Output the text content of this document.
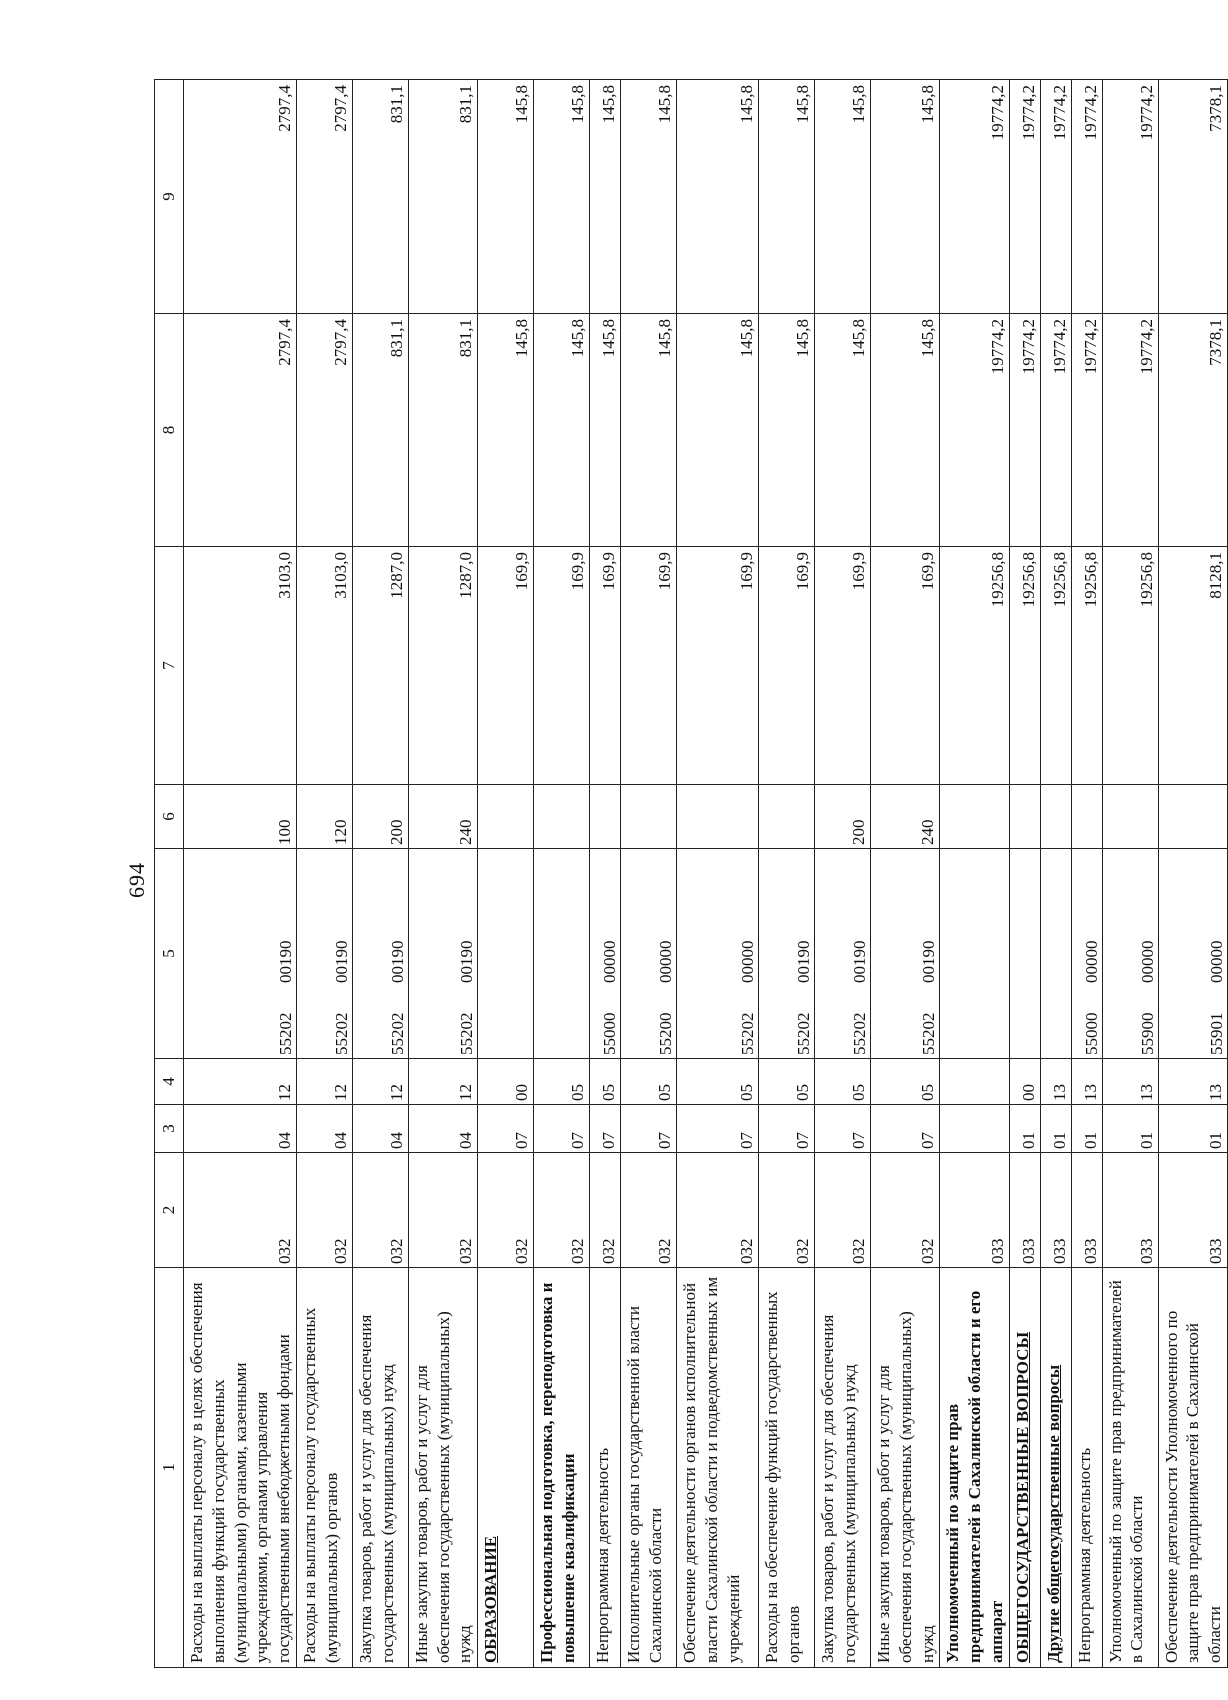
694
1	2	3	4	5	6	7	8	9
Расходы на выплаты персоналу в целях обеспечения выполнения функций государственных (муниципальными) органами, казенными учреждениями, органами управления государственными внебюджетными фондами	032	04	12	5520200190	100	3103,0	2797,4	2797,4
Расходы на выплаты персоналу государственных (муниципальных) органов	032	04	12	5520200190	120	3103,0	2797,4	2797,4
Закупка товаров, работ и услуг для обеспечения государственных (муниципальных) нужд	032	04	12	5520200190	200	1287,0	831,1	831,1
Иные закупки товаров, работ и услуг для обеспечения государственных (муниципальных) нужд	032	04	12	5520200190	240	1287,0	831,1	831,1
ОБРАЗОВАНИЕ	032	07	00			169,9	145,8	145,8
Профессиональная подготовка, переподготовка и повышение квалификации	032	07	05			169,9	145,8	145,8
Непрограммная деятельность	032	07	05	5500000000		169,9	145,8	145,8
Исполнительные органы государственной власти Сахалинской области	032	07	05	5520000000		169,9	145,8	145,8
Обеспечение деятельности органов исполнительной власти Сахалинской области и подведомственных им учреждений	032	07	05	5520200000		169,9	145,8	145,8
Расходы на обеспечение функций государственных органов	032	07	05	5520200190		169,9	145,8	145,8
Закупка товаров, работ и услуг для обеспечения государственных (муниципальных) нужд	032	07	05	5520200190	200	169,9	145,8	145,8
Иные закупки товаров, работ и услуг для обеспечения государственных (муниципальных) нужд	032	07	05	5520200190	240	169,9	145,8	145,8
Уполномоченный по защите прав предпринимателей в Сахалинской области и его аппарат	033					19256,8	19774,2	19774,2
ОБЩЕГОСУДАРСТВЕННЫЕ ВОПРОСЫ	033	01	00			19256,8	19774,2	19774,2
Другие общегосударственные вопросы	033	01	13			19256,8	19774,2	19774,2
Непрограммная деятельность	033	01	13	5500000000		19256,8	19774,2	19774,2
Уполномоченный по защите прав предпринимателей в Сахалинской области	033	01	13	5590000000		19256,8	19774,2	19774,2
Обеспечение деятельности Уполномоченного по защите прав предпринимателей в Сахалинской области	033	01	13	5590100000		8128,1	7378,1	7378,1
